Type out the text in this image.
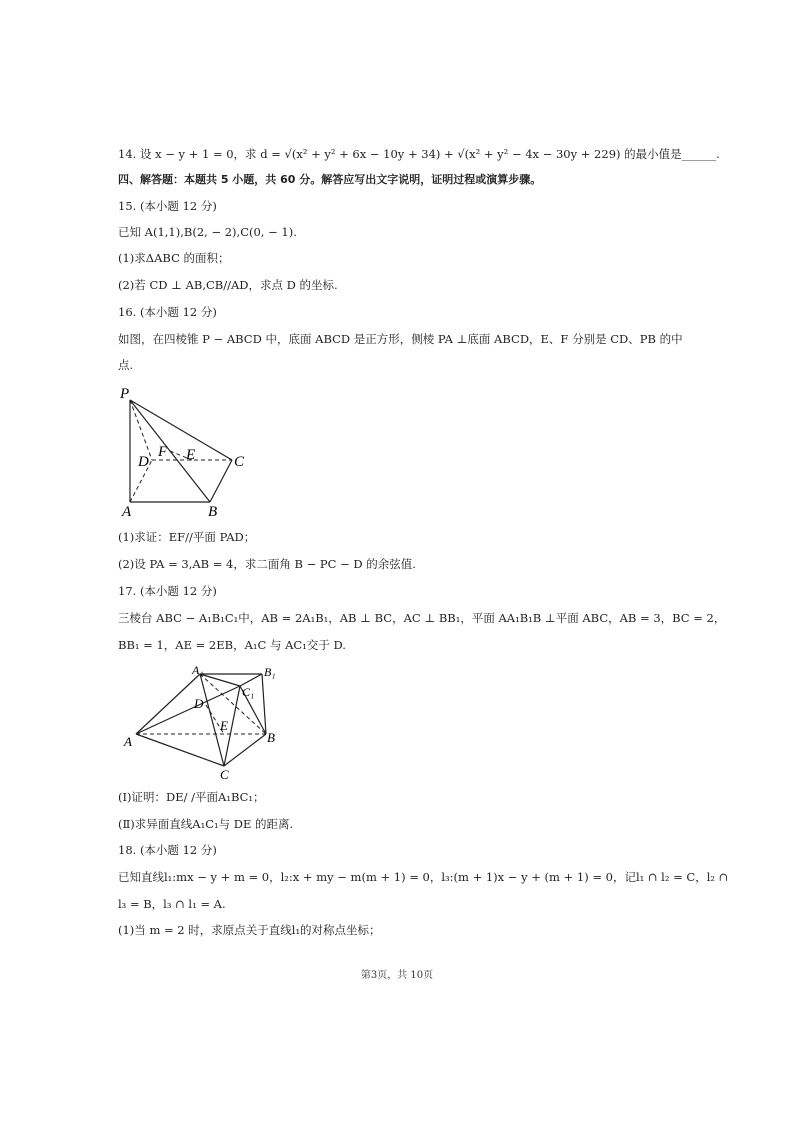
14. 设 x − y + 1 = 0，求 d = √(x² + y² + 6x − 10y + 34) + √(x² + y² − 4x − 30y + 229) 的最小值是______.
四、解答题：本题共 5 小题，共 60 分。解答应写出文字说明，证明过程或演算步骤。
15. (本小题 12 分)
已知 A(1,1),B(2, − 2),C(0, − 1).
(1)求ΔABC 的面积；
(2)若 CD ⊥ AB,CB//AD，求点 D 的坐标.
16. (本小题 12 分)
如图，在四棱锥 P − ABCD 中，底面 ABCD 是正方形，侧棱 PA ⊥底面 ABCD，E、F 分别是 CD、PB 的中
点.
P
D
F E	C
A	B
(1)求证：EF//平面 PAD；
(2)设 PA = 3,AB = 4，求二面角 B − PC − D 的余弦值.
17. (本小题 12 分)
三棱台 ABC − A₁B₁C₁中，AB = 2A₁B₁，AB ⊥ BC，AC ⊥ BB₁，平面 AA₁B₁B ⊥平面 ABC，AB = 3，BC = 2，
BB₁ = 1，AE = 2EB，A₁C 与 AC₁交于 D.
A₁	B₁
C₁
D
E
A	B
C
(Ⅰ)证明：DE/ /平面A₁BC₁；
(Ⅱ)求异面直线A₁C₁与 DE 的距离.
18. (本小题 12 分)
已知直线l₁:mx − y + m = 0，l₂:x + my − m(m + 1) = 0，l₃:(m + 1)x − y + (m + 1) = 0，记l₁ ∩ l₂ = C，l₂ ∩
l₃ = B，l₃ ∩ l₁ = A.
(1)当 m = 2 时，求原点关于直线l₁的对称点坐标；
第3页，共 10页
